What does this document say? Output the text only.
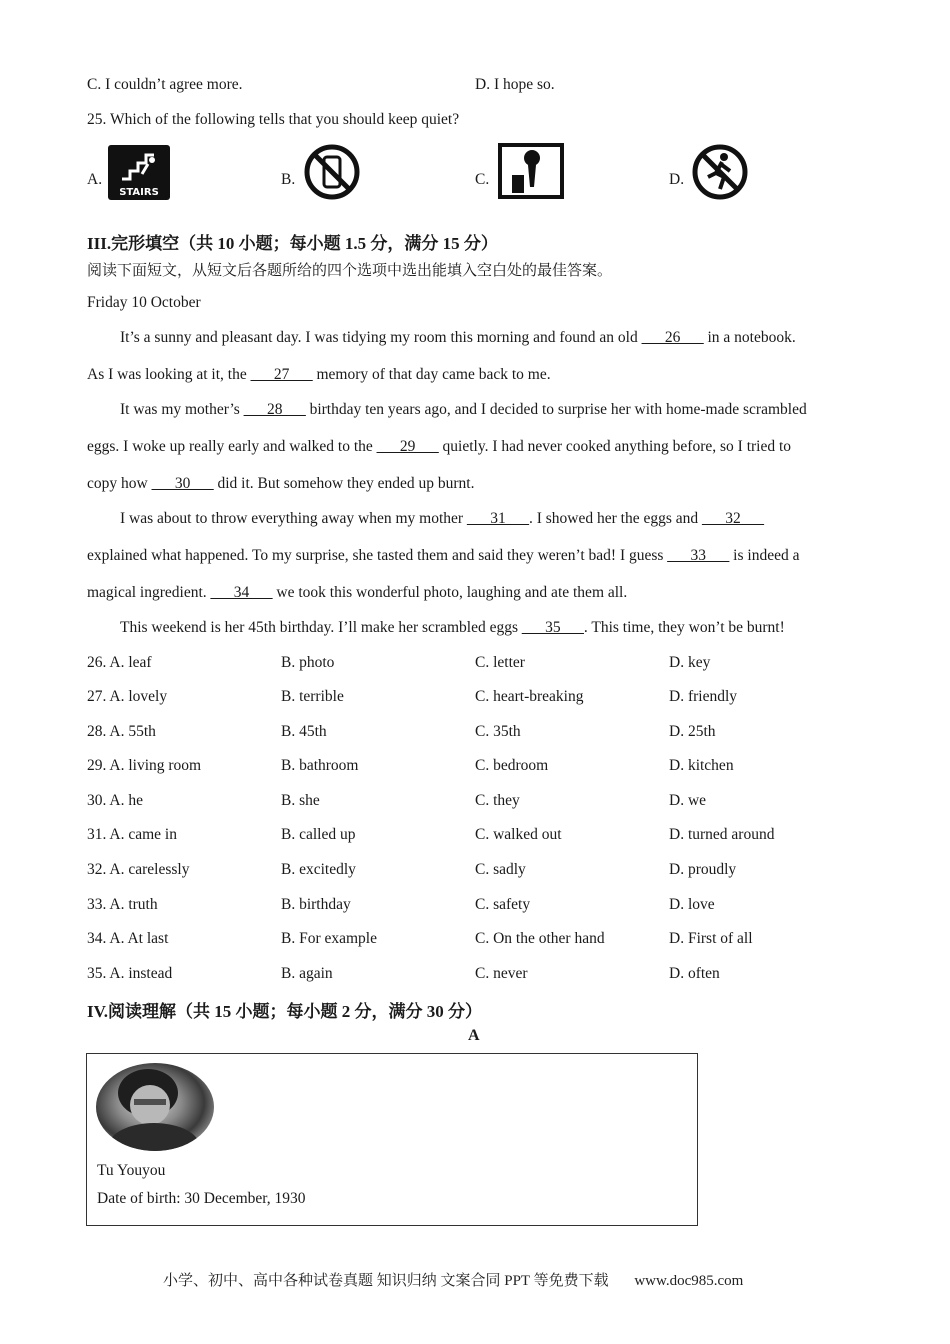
C. I couldn’t agree more.	D. I hope so.
25. Which of the following tells that you should keep quiet?
A.
STAIRS
B.	C.	D.
III.完形填空（共 10 小题；每小题 1.5 分，满分 15 分）
阅读下面短文，从短文后各题所给的四个选项中选出能填入空白处的最佳答案。
Friday 10 October
It’s a sunny and pleasant day. I was tidying my room this morning and found an old ___26___ in a notebook.
As I was looking at it, the ___27___ memory of that day came back to me.
It was my mother’s ___28___ birthday ten years ago, and I decided to surprise her with home-made scrambled
eggs. I woke up really early and walked to the ___29___ quietly. I had never cooked anything before, so I tried to
copy how ___30___ did it. But somehow they ended up burnt.
I was about to throw everything away when my mother ___31___. I showed her the eggs and ___32___
explained what happened. To my surprise, she tasted them and said they weren’t bad! I guess ___33___ is indeed a
magical ingredient. ___34___ we took this wonderful photo, laughing and ate them all.
This weekend is her 45th birthday. I’ll make her scrambled eggs ___35___. This time, they won’t be burnt!
26. A. leaf	B. photo	C. letter	D. key
27. A. lovely	B. terrible	C. heart-breaking	D. friendly
28. A. 55th	B. 45th	C. 35th	D. 25th
29. A. living room	B. bathroom	C. bedroom	D. kitchen
30. A. he	B. she	C. they	D. we
31. A. came in	B. called up	C. walked out	D. turned around
32. A. carelessly	B. excitedly	C. sadly	D. proudly
33. A. truth	B. birthday	C. safety	D. love
34. A. At last	B. For example	C. On the other hand	D. First of all
35. A. instead	B. again	C. never	D. often
IV.阅读理解（共 15 小题；每小题 2 分，满分 30 分）
A
Tu Youyou
Date of birth: 30 December, 1930
小学、初中、高中各种试卷真题 知识归纳 文案合同 PPT 等免费下载 www.doc985.com
